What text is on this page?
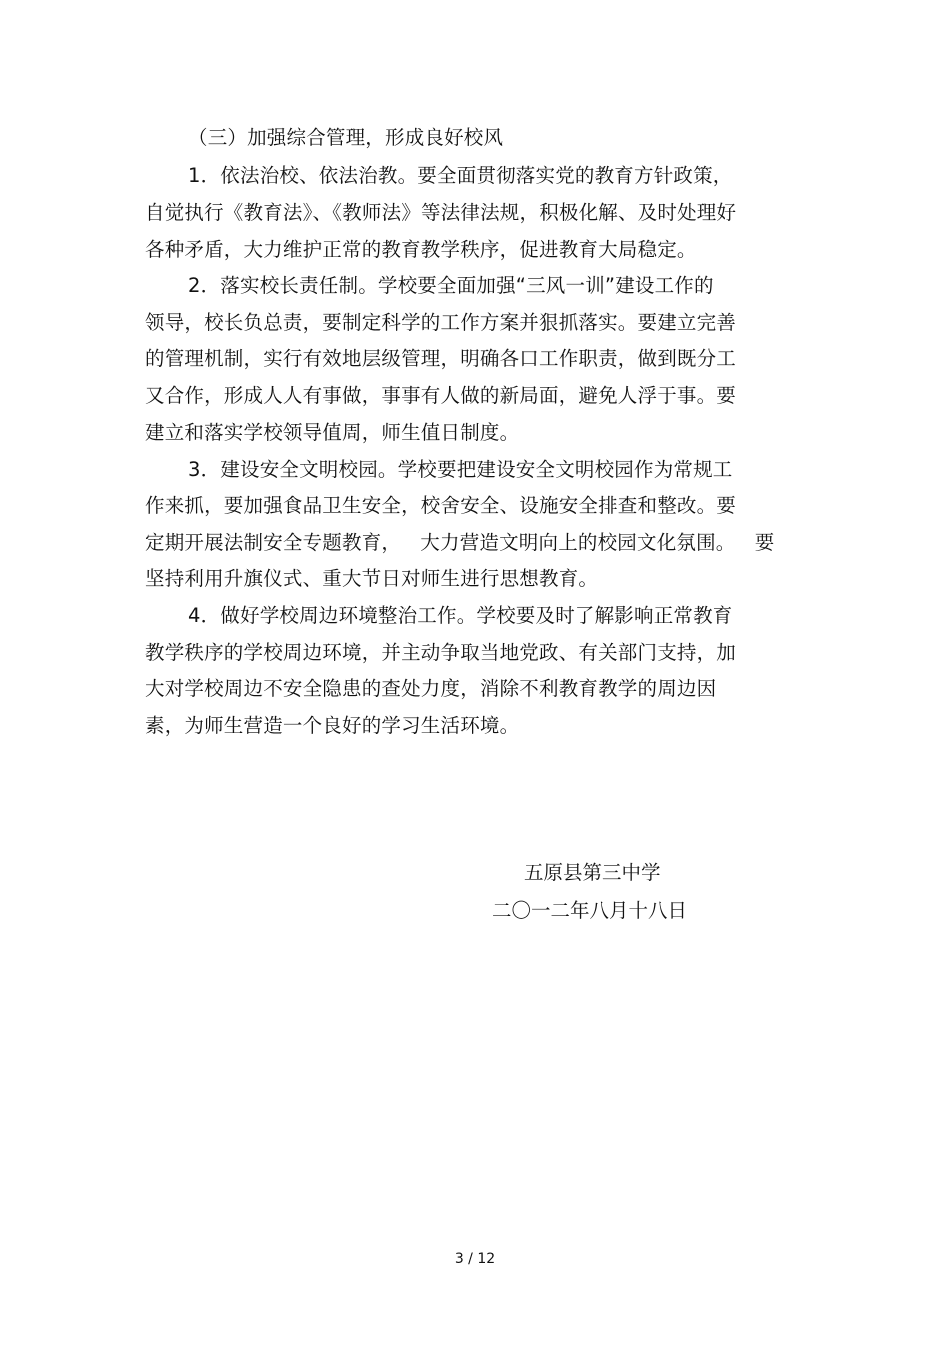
（三）加强综合管理，形成良好校风
1．依法治校、依法治教。要全面贯彻落实党的教育方针政策，
自觉执行《教育法》、《教师法》等法律法规，积极化解、及时处理好
各种矛盾，大力维护正常的教育教学秩序，促进教育大局稳定。
2．落实校长责任制。学校要全面加强“三风一训”建设工作的
领导，校长负总责，要制定科学的工作方案并狠抓落实。要建立完善
的管理机制，实行有效地层级管理，明确各口工作职责，做到既分工
又合作，形成人人有事做，事事有人做的新局面，避免人浮于事。要
建立和落实学校领导值周，师生值日制度。
3．建设安全文明校园。学校要把建设安全文明校园作为常规工
作来抓，要加强食品卫生安全，校舍安全、设施安全排查和整改。要
定期开展法制安全专题教育，   大力营造文明向上的校园文化氛围。   要
坚持利用升旗仪式、重大节日对师生进行思想教育。
4．做好学校周边环境整治工作。学校要及时了解影响正常教育
教学秩序的学校周边环境，并主动争取当地党政、有关部门支持，加
大对学校周边不安全隐患的查处力度，消除不利教育教学的周边因
素，为师生营造一个良好的学习生活环境。
五原县第三中学
二〇一二年八月十八日
3 / 12
